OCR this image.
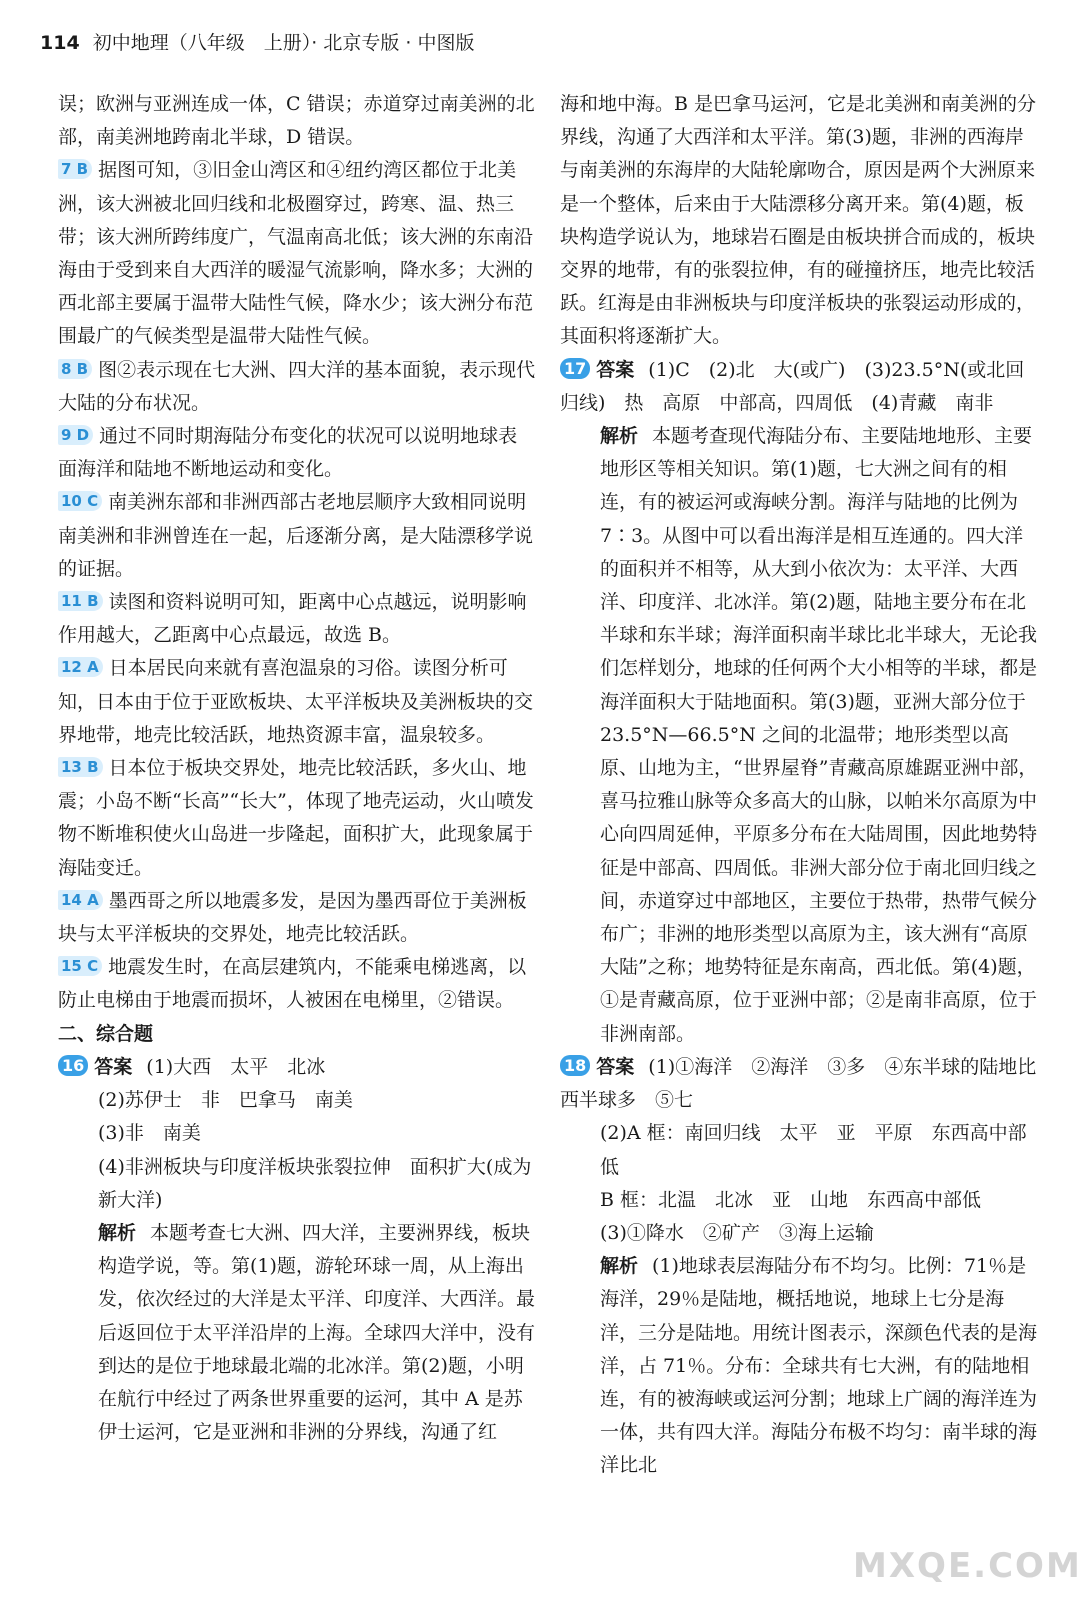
114 初中地理（八年级　上册）· 北京专版 · 中图版

误；欧洲与亚洲连成一体，C 错误；赤道穿过南美洲的北部，南美洲地跨南北半球，D 错误。

7 B 据图可知，③旧金山湾区和④纽约湾区都位于北美洲，该大洲被北回归线和北极圈穿过，跨寒、温、热三带；该大洲所跨纬度广，气温南高北低；该大洲的东南沿海由于受到来自大西洋的暖湿气流影响，降水多；大洲的西北部主要属于温带大陆性气候，降水少；该大洲分布范围最广的气候类型是温带大陆性气候。

8 B 图②表示现在七大洲、四大洋的基本面貌，表示现代大陆的分布状况。

9 D 通过不同时期海陆分布变化的状况可以说明地球表面海洋和陆地不断地运动和变化。

10 C 南美洲东部和非洲西部古老地层顺序大致相同说明南美洲和非洲曾连在一起，后逐渐分离，是大陆漂移学说的证据。

11 B 读图和资料说明可知，距离中心点越远，说明影响作用越大，乙距离中心点最远，故选 B。

12 A 日本居民向来就有喜泡温泉的习俗。读图分析可知，日本由于位于亚欧板块、太平洋板块及美洲板块的交界地带，地壳比较活跃，地热资源丰富，温泉较多。

13 B 日本位于板块交界处，地壳比较活跃，多火山、地震；小岛不断“长高”“长大”，体现了地壳运动，火山喷发物不断堆积使火山岛进一步隆起，面积扩大，此现象属于海陆变迁。

14 A 墨西哥之所以地震多发，是因为墨西哥位于美洲板块与太平洋板块的交界处，地壳比较活跃。

15 C 地震发生时，在高层建筑内，不能乘电梯逃离，以防止电梯由于地震而损坏，人被困在电梯里，②错误。

二、综合题

16 答案 (1)大西　太平　北冰

(2)苏伊士　非　巴拿马　南美

(3)非　南美

(4)非洲板块与印度洋板块张裂拉伸　面积扩大(成为新大洋)

解析 本题考查七大洲、四大洋，主要洲界线，板块构造学说，等。第(1)题，游轮环球一周，从上海出发，依次经过的大洋是太平洋、印度洋、大西洋。最后返回位于太平洋沿岸的上海。全球四大洋中，没有到达的是位于地球最北端的北冰洋。第(2)题，小明在航行中经过了两条世界重要的运河，其中 A 是苏伊士运河，它是亚洲和非洲的分界线，沟通了红

海和地中海。B 是巴拿马运河，它是北美洲和南美洲的分界线，沟通了大西洋和太平洋。第(3)题，非洲的西海岸与南美洲的东海岸的大陆轮廓吻合，原因是两个大洲原来是一个整体，后来由于大陆漂移分离开来。第(4)题，板块构造学说认为，地球岩石圈是由板块拼合而成的，板块交界的地带，有的张裂拉伸，有的碰撞挤压，地壳比较活跃。红海是由非洲板块与印度洋板块的张裂运动形成的，其面积将逐渐扩大。

17 答案 (1)C　(2)北　大(或广)　(3)23.5°N(或北回归线)　热　高原　中部高，四周低　(4)青藏　南非

解析 本题考查现代海陆分布、主要陆地地形、主要地形区等相关知识。第(1)题，七大洲之间有的相连，有的被运河或海峡分割。海洋与陆地的比例为 7∶3。从图中可以看出海洋是相互连通的。四大洋的面积并不相等，从大到小依次为：太平洋、大西洋、印度洋、北冰洋。第(2)题，陆地主要分布在北半球和东半球；海洋面积南半球比北半球大，无论我们怎样划分，地球的任何两个大小相等的半球，都是海洋面积大于陆地面积。第(3)题，亚洲大部分位于 23.5°N—66.5°N 之间的北温带；地形类型以高原、山地为主，“世界屋脊”青藏高原雄踞亚洲中部，喜马拉雅山脉等众多高大的山脉，以帕米尔高原为中心向四周延伸，平原多分布在大陆周围，因此地势特征是中部高、四周低。非洲大部分位于南北回归线之间，赤道穿过中部地区，主要位于热带，热带气候分布广；非洲的地形类型以高原为主，该大洲有“高原大陆”之称；地势特征是东南高，西北低。第(4)题，①是青藏高原，位于亚洲中部；②是南非高原，位于非洲南部。

18 答案 (1)①海洋　②海洋　③多　④东半球的陆地比西半球多　⑤七

(2)A 框：南回归线　太平　亚　平原　东西高中部低

B 框：北温　北冰　亚　山地　东西高中部低

(3)①降水　②矿产　③海上运输

解析 (1)地球表层海陆分布不均匀。比例：71％是海洋，29％是陆地，概括地说，地球上七分是海洋，三分是陆地。用统计图表示，深颜色代表的是海洋，占 71％。分布：全球共有七大洲，有的陆地相连，有的被海峡或运河分割；地球上广阔的海洋连为一体，共有四大洋。海陆分布极不均匀：南半球的海洋比北

MXQE.COM
